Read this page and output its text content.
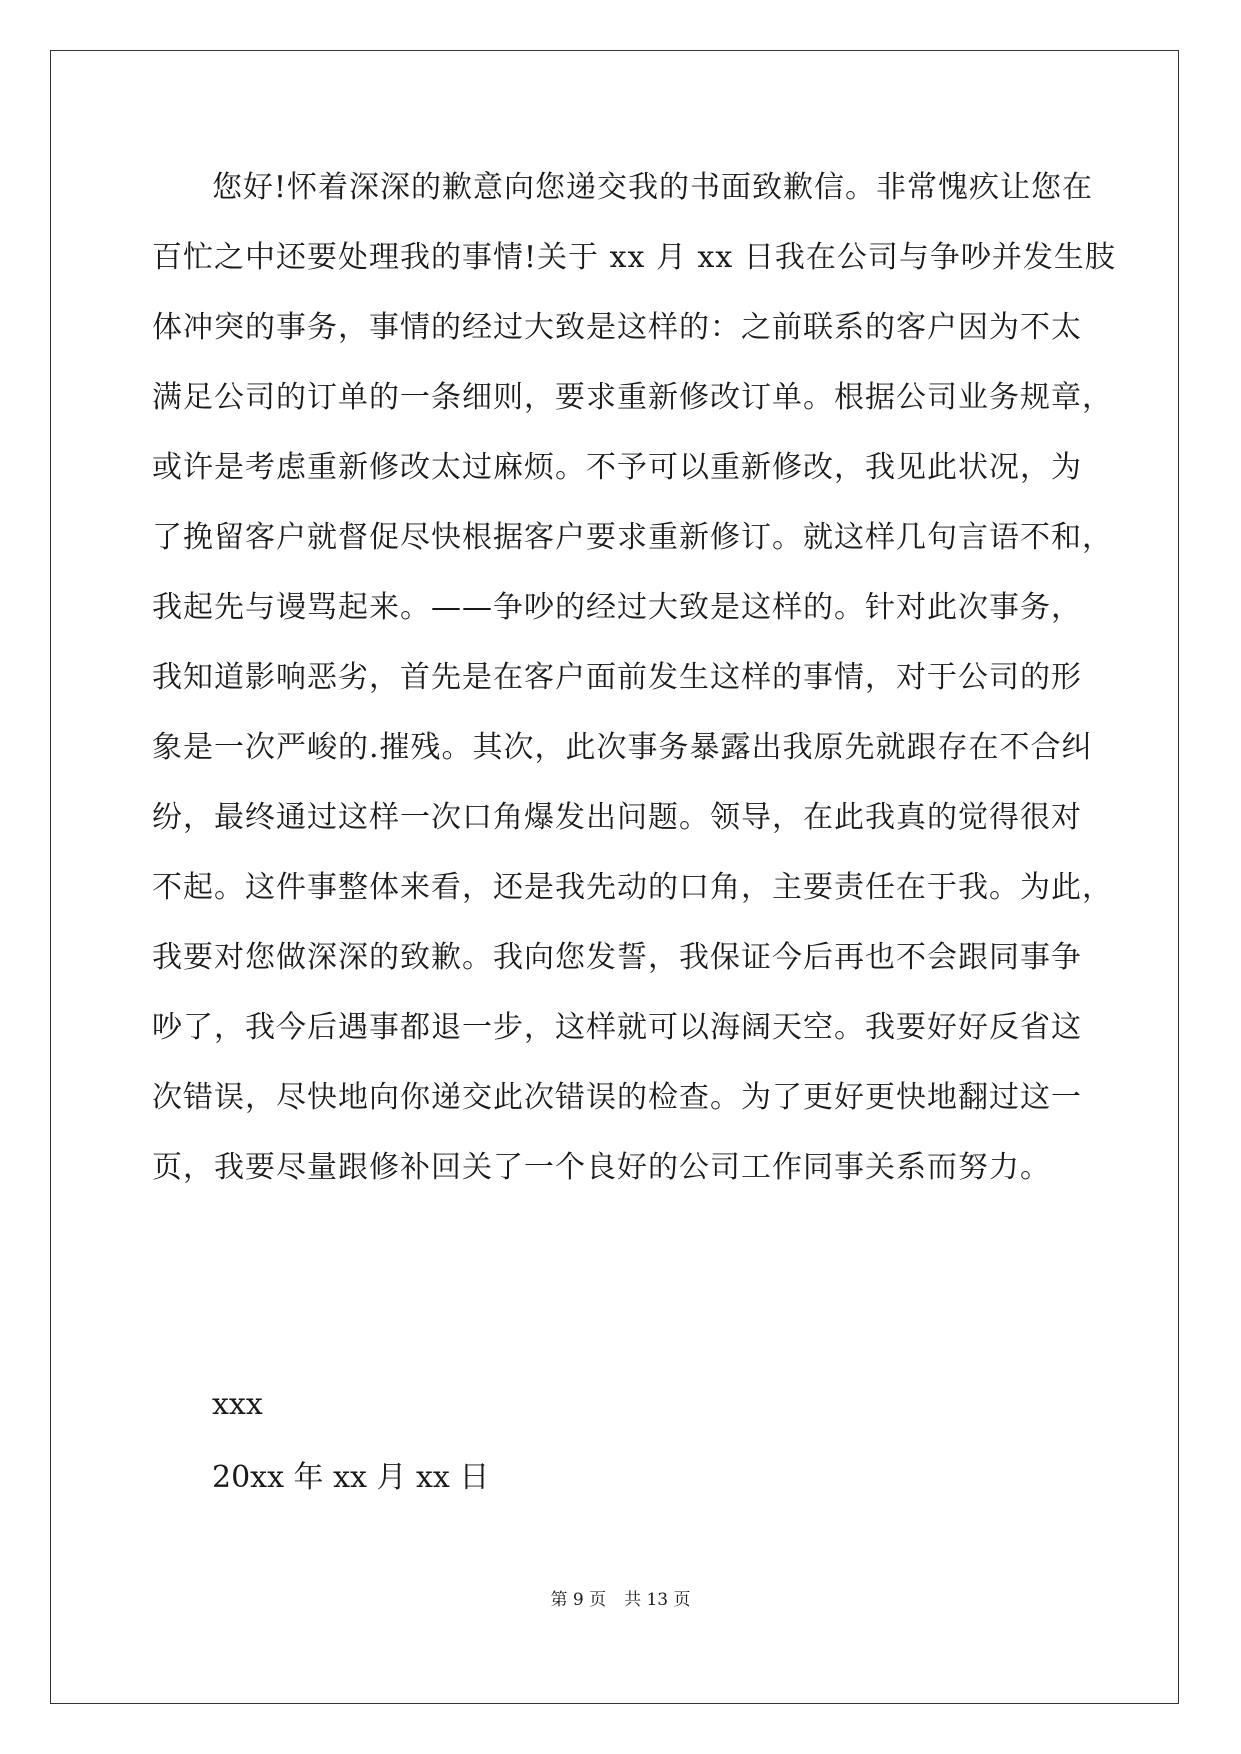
您好!怀着深深的歉意向您递交我的书面致歉信。非常愧疚让您在
百忙之中还要处理我的事情!关于 xx 月 xx 日我在公司与争吵并发生肢
体冲突的事务，事情的经过大致是这样的：之前联系的客户因为不太
满足公司的订单的一条细则，要求重新修改订单。根据公司业务规章，
或许是考虑重新修改太过麻烦。不予可以重新修改，我见此状况，为
了挽留客户就督促尽快根据客户要求重新修订。就这样几句言语不和，
我起先与谩骂起来。——争吵的经过大致是这样的。针对此次事务，
我知道影响恶劣，首先是在客户面前发生这样的事情，对于公司的形
象是一次严峻的.摧残。其次，此次事务暴露出我原先就跟存在不合纠
纷，最终通过这样一次口角爆发出问题。领导，在此我真的觉得很对
不起。这件事整体来看，还是我先动的口角，主要责任在于我。为此，
我要对您做深深的致歉。我向您发誓，我保证今后再也不会跟同事争
吵了，我今后遇事都退一步，这样就可以海阔天空。我要好好反省这
次错误，尽快地向你递交此次错误的检查。为了更好更快地翻过这一
页，我要尽量跟修补回关了一个良好的公司工作同事关系而努力。
xxx
20xx 年 xx 月 xx 日
第 9 页 共 13 页
